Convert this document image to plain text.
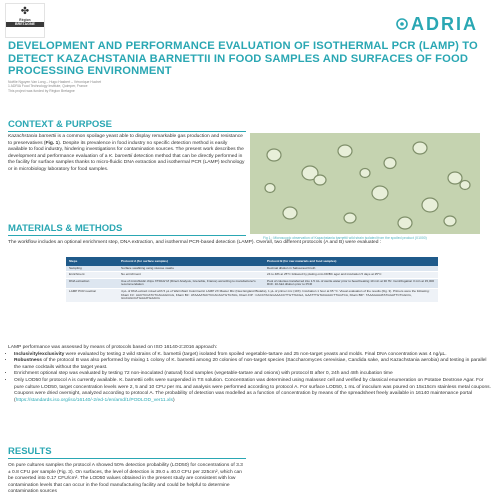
✤
Région
BRETAGNE	ADRIA
DEVELOPMENT AND PERFORMANCE EVALUATION OF ISOTHERMAL PCR (LAMP) TO DETECT KAZACHSTANIA BARNETTII IN FOOD SAMPLES AND SURFACES OF FOOD PROCESSING ENVIRONMENT
Noëlie Nguyen Van Long – Hugo Hasbert – Véronique Huchet
1 ADRIA Food Technology Institute, Quimper, France
This project was funded by Région Bretagne
CONTEXT & PURPOSE
Kazachstania barnettii is a common spoilage yeast able to display remarkable gas production and resistance to preservatives (Fig. 1). Despite its prevalence in food industry no specific detection method is easily available to food industry, hindering investigations for contamination sources. The present work describes the development and performance evaluation of a K. barnettii detection method that can be directly performed in the facility for surface samples thanks to micro-fluidic DNA extraction and isothermal PCR (LAMP) technology or in microbiology laboratory for food samples.
Fig 1 : Microscopic observation of Kazachstania barnettii wild strain isolated from the spoiled product (X1000)
MATERIALS & METHODS
The workflow includes an optional enrichment step, DNA extraction, and isothermal PCR-based detection (LAMP). Overall, two different protocols (A and B) were evaluated :
Steps	Protocol A (for surface samples)	Protocol B (for raw materials and food samples)
Sampling	Surface swabbing using viscose swabs	Decimal dilution in Sabouraud broth
Enrichment	No enrichment	24 to 48h at 25°C followed by plating onto DRBC agar and incubation 5 days at 25°C
DNA extraction	Use of microfluidic chips XTRAGYZ (Direct Analysis, Grenoble, France) according to manufacturer's recommendation	Pool of colonies transferred into 1.5 mL of sterile water prior to bead beating 10 min at 30 Hz. Centrifugation 3 min at 15,000 RCF. 10-fold dilution prior to PCR
LAMP PCR reaction	4 µL of DNA extract mixed with 5 µL of WarmStart Colorimetric LAMP 2X Master Mix (New England Biolabs), 1 µL of primer mix (10X). Incubation 1 hour at 65 °C. Visual evaluation of the results (Fig. 3). Primers were the following: Kbarn F3 : AACTCCATCTCAGAGCGG, Kbarn B3 : ATAAAATACTCCACAGTGTGTAG, Kbarn FIP : CACCTACGGAAACCTTGTTACGA, GAATTTGTACAAACTTGGTCA, Kbarn BIP : TAAAGAAATATGGATTCTGGCG, GGCAGCGTGAAATGAACG	
LAMP performance was assessed by means of protocols based on ISO 16140-2:2016 approach:
• Inclusivity/exclusivity were evaluated by testing 2 wild strains of K. barnettii (target) isolated from spoiled vegetable-tartare and 25 non-target yeasts and molds. Final DNA concentration was 4 ng/µL.
• Robustness of the protocol B was also performed by mixing 1 colony of K. barnettii among 20 colonies of non-target species (Saccharomyces cerevisiae, Candida sake, and Kazachstania aerobia) and testing in parallel the same cocktails without the target yeast.
• Enrichment optional step was evaluated by testing 72 non-inoculated (natural) food samples (vegetable-tartare and onions) with protocol B after 0, 24h and 48h incubation time
• Only LOD50 for protocol A is currently available. K. barnettii cells were suspended in TS solution. Concentration was determined using malassez cell and verified by classical enumeration on Potatoe Dextrose Agar. For pure culture LOD50, target concentration levels were 2, 5 and 10 CFU per mL and analysis were performed according to protocol A. For surface LOD50, 1 mL of inoculum was poured on 15x15cm stainless metal coupons. Coupons were dried overnight, analyzed according to protocol A. The probability of detection was modelled as a function of concentration by means of the spreadsheet freely available in 16140 maintenance portal (https://standards.iso.org/iso/16140/-2/ed-1/en/amd/1/PODLOD_ver11.xls)
RESULTS
On pure cultures samples the protocol A showed 50% detection probability (LOD50) for concentrations of 3.3 ± 0.8 CFU per sample (Fig. 3). On surfaces, the level of detection is 39.0 ± 40.0 CFU per 225cm², which can be converted into 0.17 CFU/cm². The LOD50 values obtained in the present study are consistent with low contamination levels that can occur in the food manufacturing facility and could be helpful to determine contamination sources
